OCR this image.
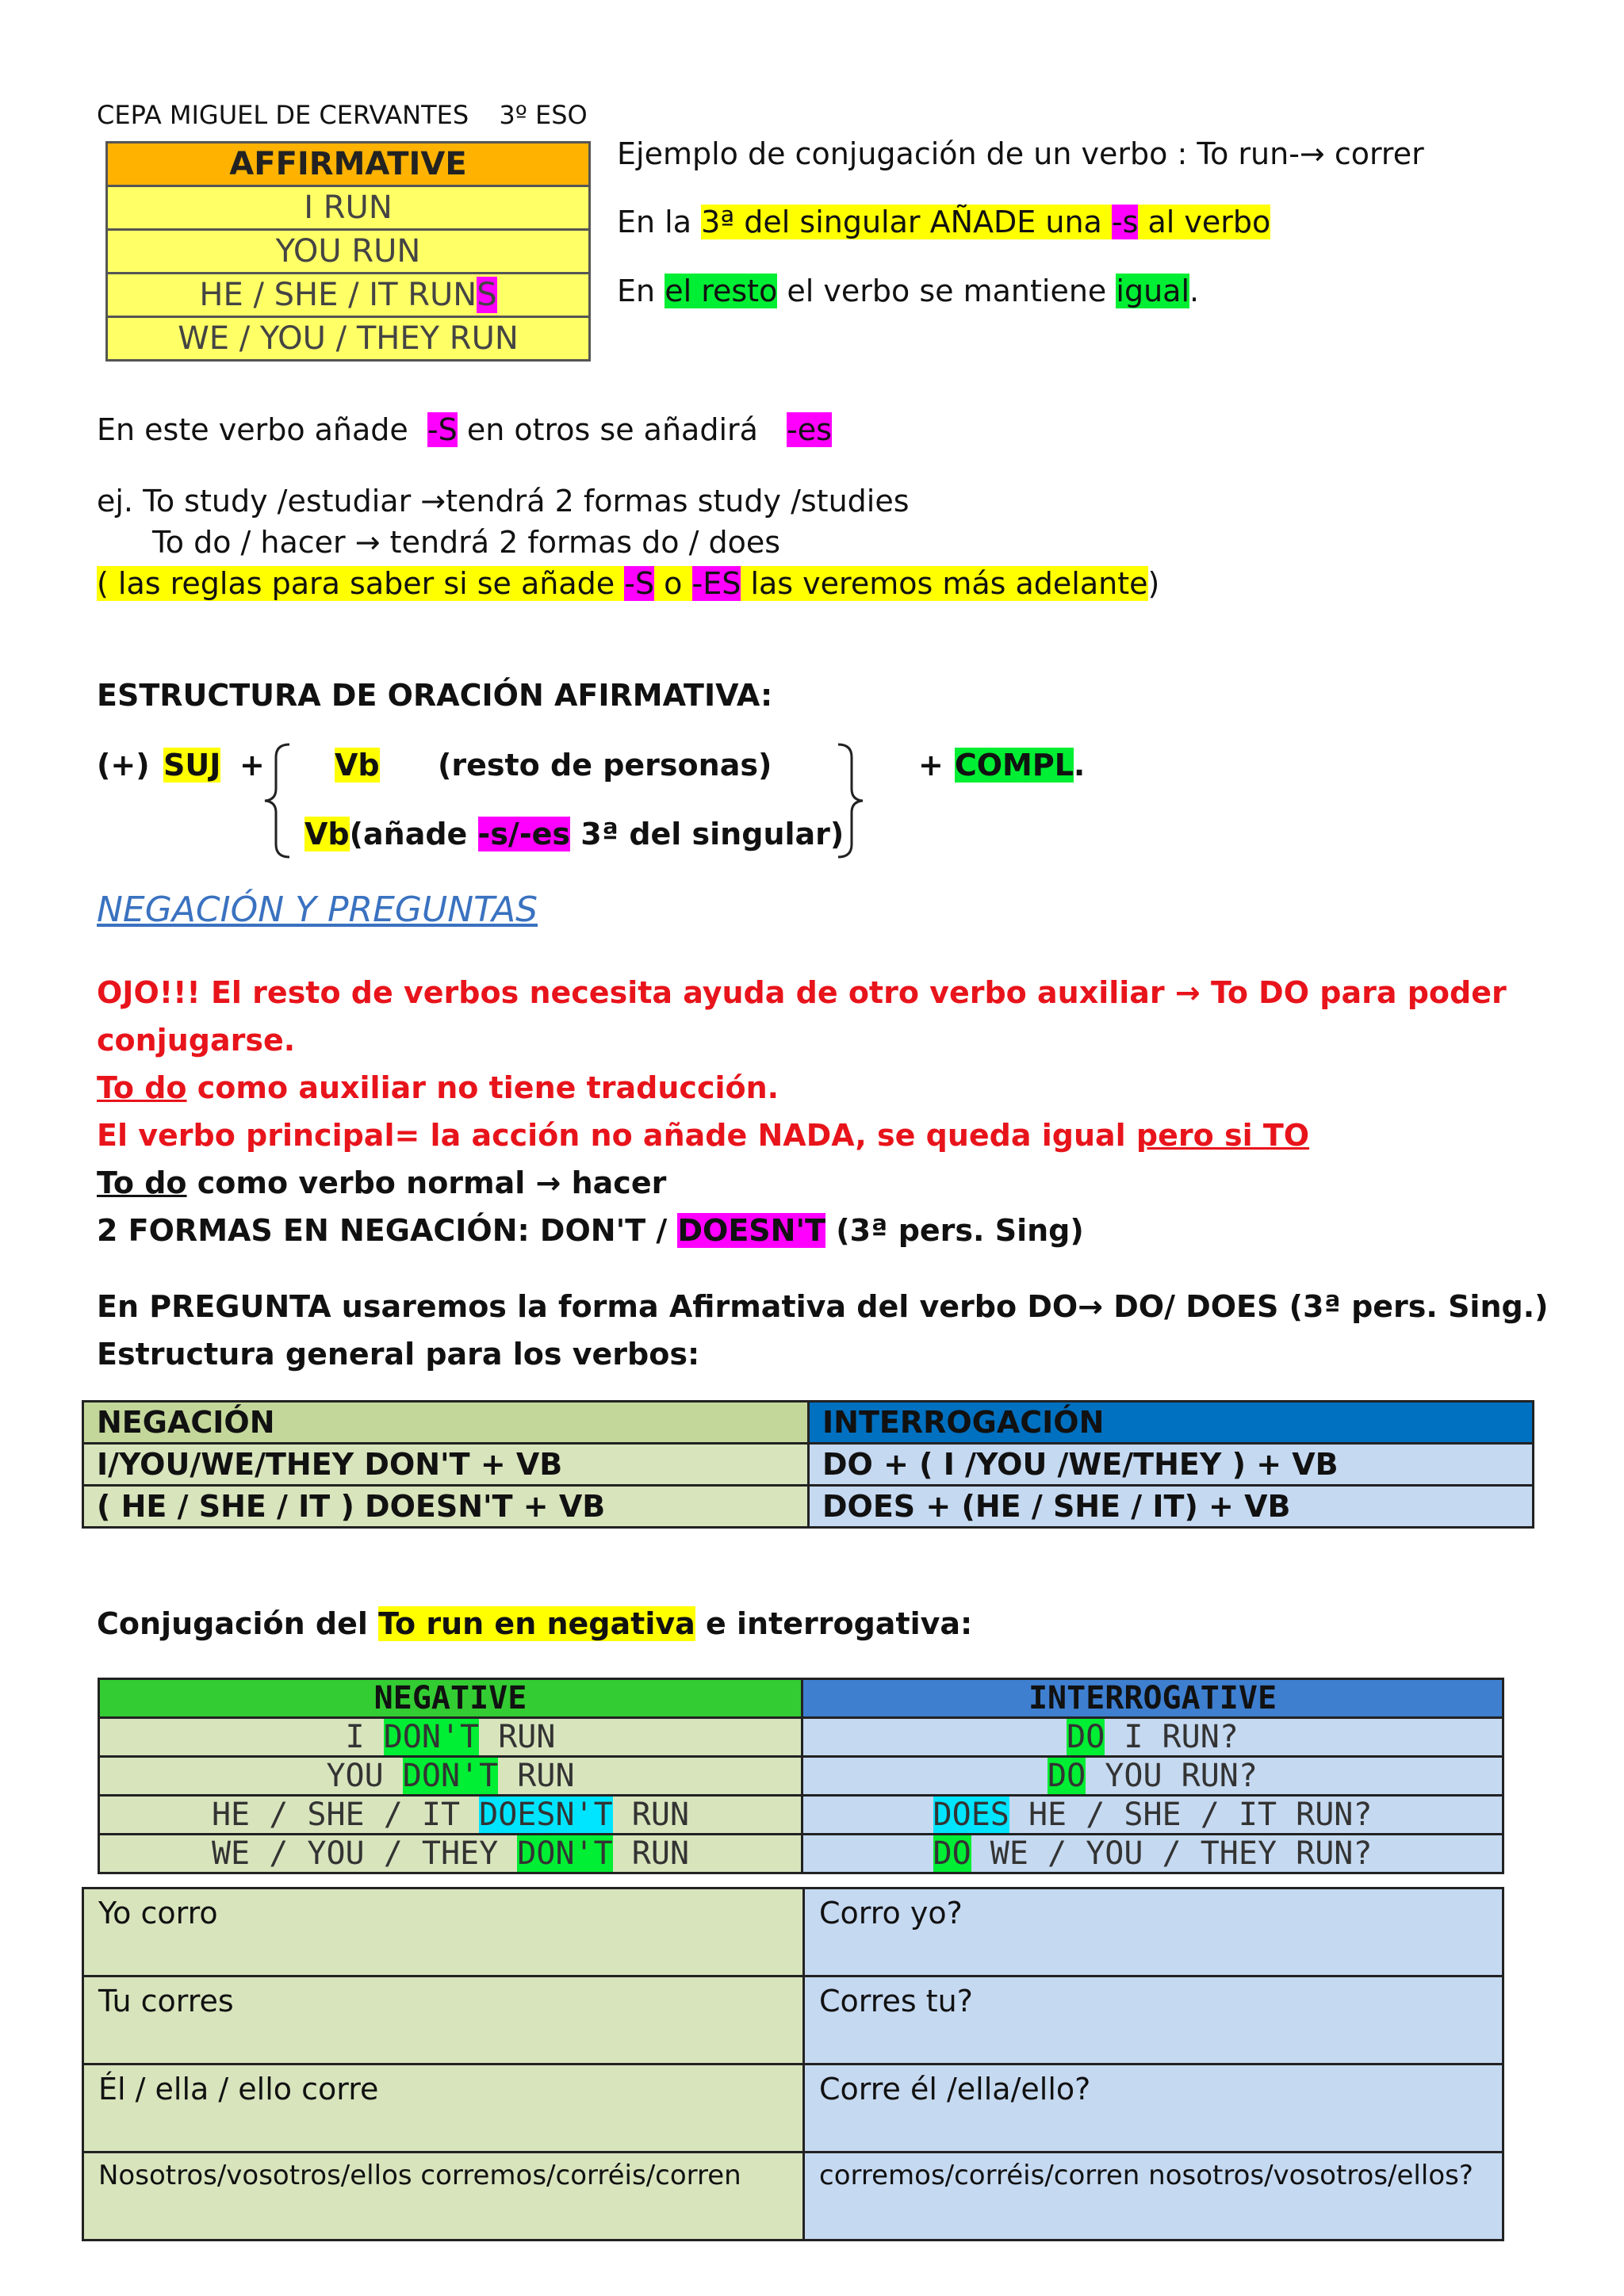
CEPA MIGUEL DE CERVANTES 3º ESO
AFFIRMATIVE
I RUN
YOU RUN
HE / SHE / IT RUNS
WE / YOU / THEY RUN
Ejemplo de conjugación de un verbo : To run-→ correr
En la 3ª del singular AÑADE una -s al verbo
En el resto el verbo se mantiene igual.
En este verbo añade -S en otros se añadirá -es
ej. To study /estudiar →tendrá 2 formas study /studies
To do / hacer → tendrá 2 formas do / does
( las reglas para saber si se añade -S o -ES las veremos más adelante)
ESTRUCTURA DE ORACIÓN AFIRMATIVA:
(+) SUJ + Vb (resto de personas)
Vb(añade -s/-es 3ª del singular)
+ COMPL.
NEGACIÓN Y PREGUNTAS
OJO!!! El resto de verbos necesita ayuda de otro verbo auxiliar → To DO para poder
conjugarse.
To do como auxiliar no tiene traducción.
El verbo principal= la acción no añade NADA, se queda igual pero si TO
To do como verbo normal → hacer
2 FORMAS EN NEGACIÓN: DON'T / DOESN'T (3ª pers. Sing)
En PREGUNTA usaremos la forma Afirmativa del verbo DO→ DO/ DOES (3ª pers. Sing.)
Estructura general para los verbos:
NEGACIÓN	INTERROGACIÓN
I/YOU/WE/THEY DON'T + VB	DO + ( I /YOU /WE/THEY ) + VB
( HE / SHE / IT ) DOESN'T + VB	DOES + (HE / SHE / IT) + VB
Conjugación del To run en negativa e interrogativa:
NEGATIVE	INTERROGATIVE
I DON'T RUN	DO I RUN?
YOU DON'T RUN	DO YOU RUN?
HE / SHE / IT DOESN'T RUN	DOES HE / SHE / IT RUN?
WE / YOU / THEY DON'T RUN	DO WE / YOU / THEY RUN?
Yo corro	Corro yo?
Tu corres	Corres tu?
Él / ella / ello corre	Corre él /ella/ello?
Nosotros/vosotros/ellos corremos/corréis/corren	corremos/corréis/corren nosotros/vosotros/ellos?
